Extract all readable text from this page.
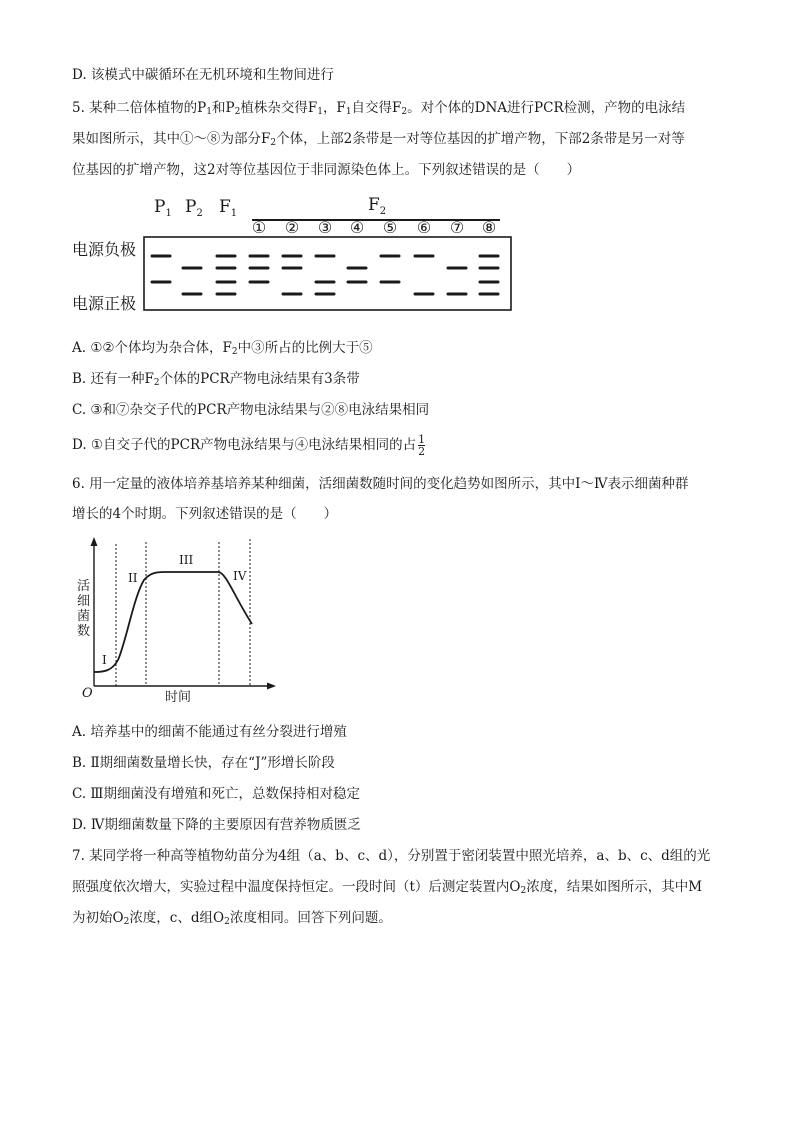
D. 该模式中碳循环在无机环境和生物间进行
5. 某种二倍体植物的$P_1$和$P_2$植株杂交得$F_1$，$F_1$自交得$F_2$。对个体的DNA进行PCR检测，产物的电泳结
果如图所示，其中①～⑧为部分$F_2$个体，上部2条带是一对等位基因的扩增产物，下部2条带是另一对等
位基因的扩增产物，这2对等位基因位于非同源染色体上。下列叙述错误的是（　　）
$P_1$ $P_2$ $F_1$	$F_2$
① ② ③ ④ ⑤ ⑥ ⑦ ⑧
电源负极
电源正极
A. ①②个体均为杂合体，$F_2$中③所占的比例大于⑤
B. 还有一种$F_2$个体的PCR产物电泳结果有3条带
C. ③和⑦杂交子代的PCR产物电泳结果与②⑧电泳结果相同
D. ①自交子代的PCR产物电泳结果与④电泳结果相同的占 $\frac{1}{2}$
6. 用一定量的液体培养基培养某种细菌，活细菌数随时间的变化趋势如图所示，其中Ⅰ～Ⅳ表示细菌种群
增长的4个时期。下列叙述错误的是（　　）
I
II
III
IV
活
细
菌
数
O	时间
A. 培养基中的细菌不能通过有丝分裂进行增殖
B. Ⅱ期细菌数量增长快，存在“J”形增长阶段
C. Ⅲ期细菌没有增殖和死亡，总数保持相对稳定
D. Ⅳ期细菌数量下降的主要原因有营养物质匮乏
7. 某同学将一种高等植物幼苗分为4组（a、b、c、d），分别置于密闭装置中照光培养，a、b、c、d组的光
照强度依次增大，实验过程中温度保持恒定。一段时间（t）后测定装置内$O_2$浓度，结果如图所示，其中M
为初始$O_2$浓度，c、d组$O_2$浓度相同。回答下列问题。
